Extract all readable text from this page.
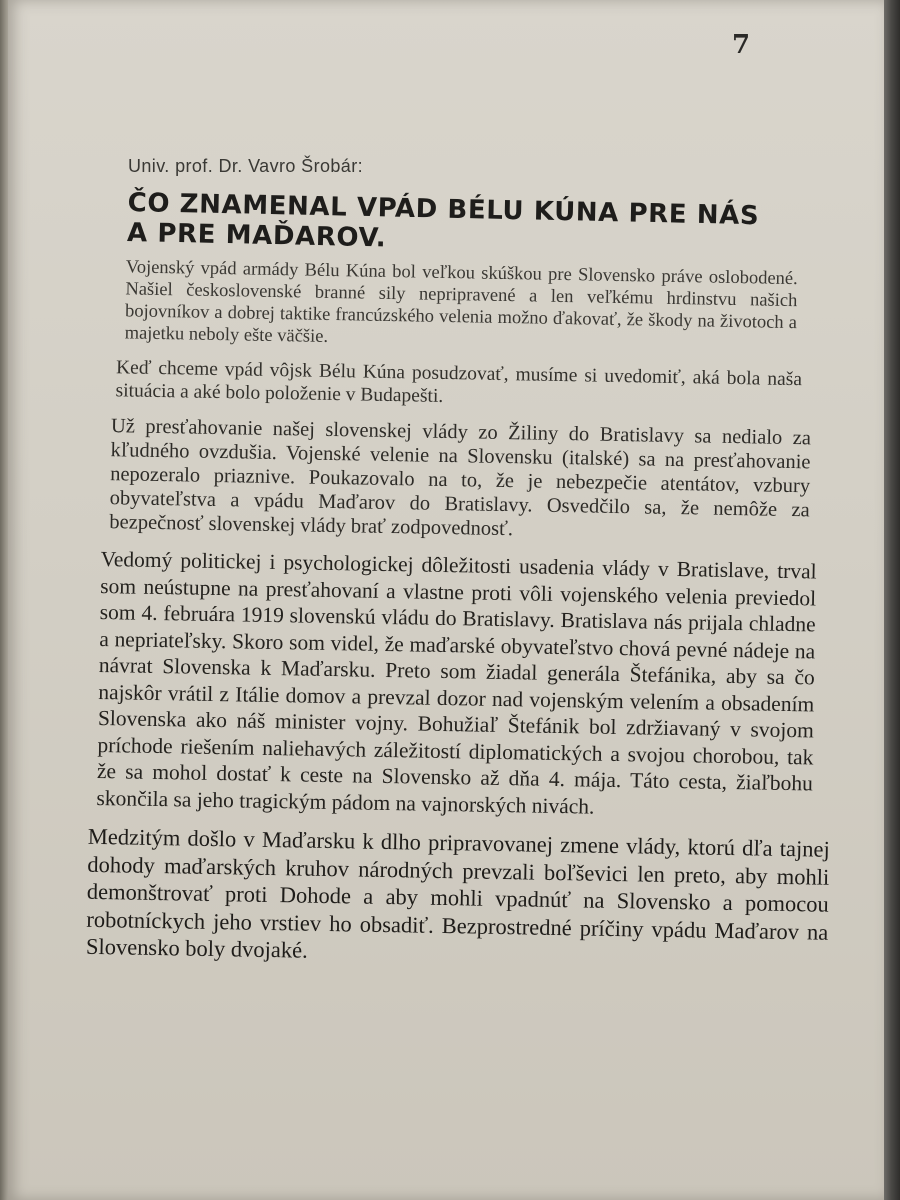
7
Univ. prof. Dr. Vavro Šrobár:
ČO ZNAMENAL VPÁD BÉLU KÚNA PRE NÁS A PRE MAĎAROV.

Vojenský vpád armády Bélu Kúna bol veľkou skúškou pre Slovensko práve oslobodené. Našiel československé branné sily nepripravené a len veľkému hrdinstvu našich bojovníkov a dobrej taktike francúzského velenia možno ďakovať, že škody na životoch a majetku neboly ešte väčšie.

Keď chceme vpád vôjsk Bélu Kúna posudzovať, musíme si uvedomiť, aká bola naša situácia a aké bolo položenie v Budapešti.

Už presťahovanie našej slovenskej vlády zo Žiliny do Bratislavy sa nedialo za kľudného ovzdušia. Vojenské velenie na Slovensku (italské) sa na presťahovanie nepozeralo priaznive. Poukazovalo na to, že je nebezpečie atentátov, vzbury obyvateľstva a vpádu Maďarov do Bratislavy. Osvedčilo sa, že nemôže za bezpečnosť slovenskej vlády brať zodpovednosť.

Vedomý politickej i psychologickej dôležitosti usadenia vlády v Bratislave, trval som neústupne na presťahovaní a vlastne proti vôli vojenského velenia previedol som 4. februára 1919 slovenskú vládu do Bratislavy. Bratislava nás prijala chladne a nepriateľsky. Skoro som videl, že maďarské obyvateľstvo chová pevné nádeje na návrat Slovenska k Maďarsku. Preto som žiadal generála Štefánika, aby sa čo najskôr vrátil z Itálie domov a prevzal dozor nad vojenským velením a obsadením Slovenska ako náš minister vojny. Bohužiaľ Štefánik bol zdržiavaný v svojom príchode riešením naliehavých záležitostí diplomatických a svojou chorobou, tak že sa mohol dostať k ceste na Slovensko až dňa 4. mája. Táto cesta, žiaľbohu skončila sa jeho tragickým pádom na vajnorských nivách.

Medzitým došlo v Maďarsku k dlho pripravovanej zmene vlády, ktorú dľa tajnej dohody maďarských kruhov národných prevzali boľševici len preto, aby mohli demonštrovať proti Dohode a aby mohli vpadnúť na Slovensko a pomocou robotníckych jeho vrstiev ho obsadiť. Bezprostredné príčiny vpádu Maďarov na Slovensko boly dvojaké.
